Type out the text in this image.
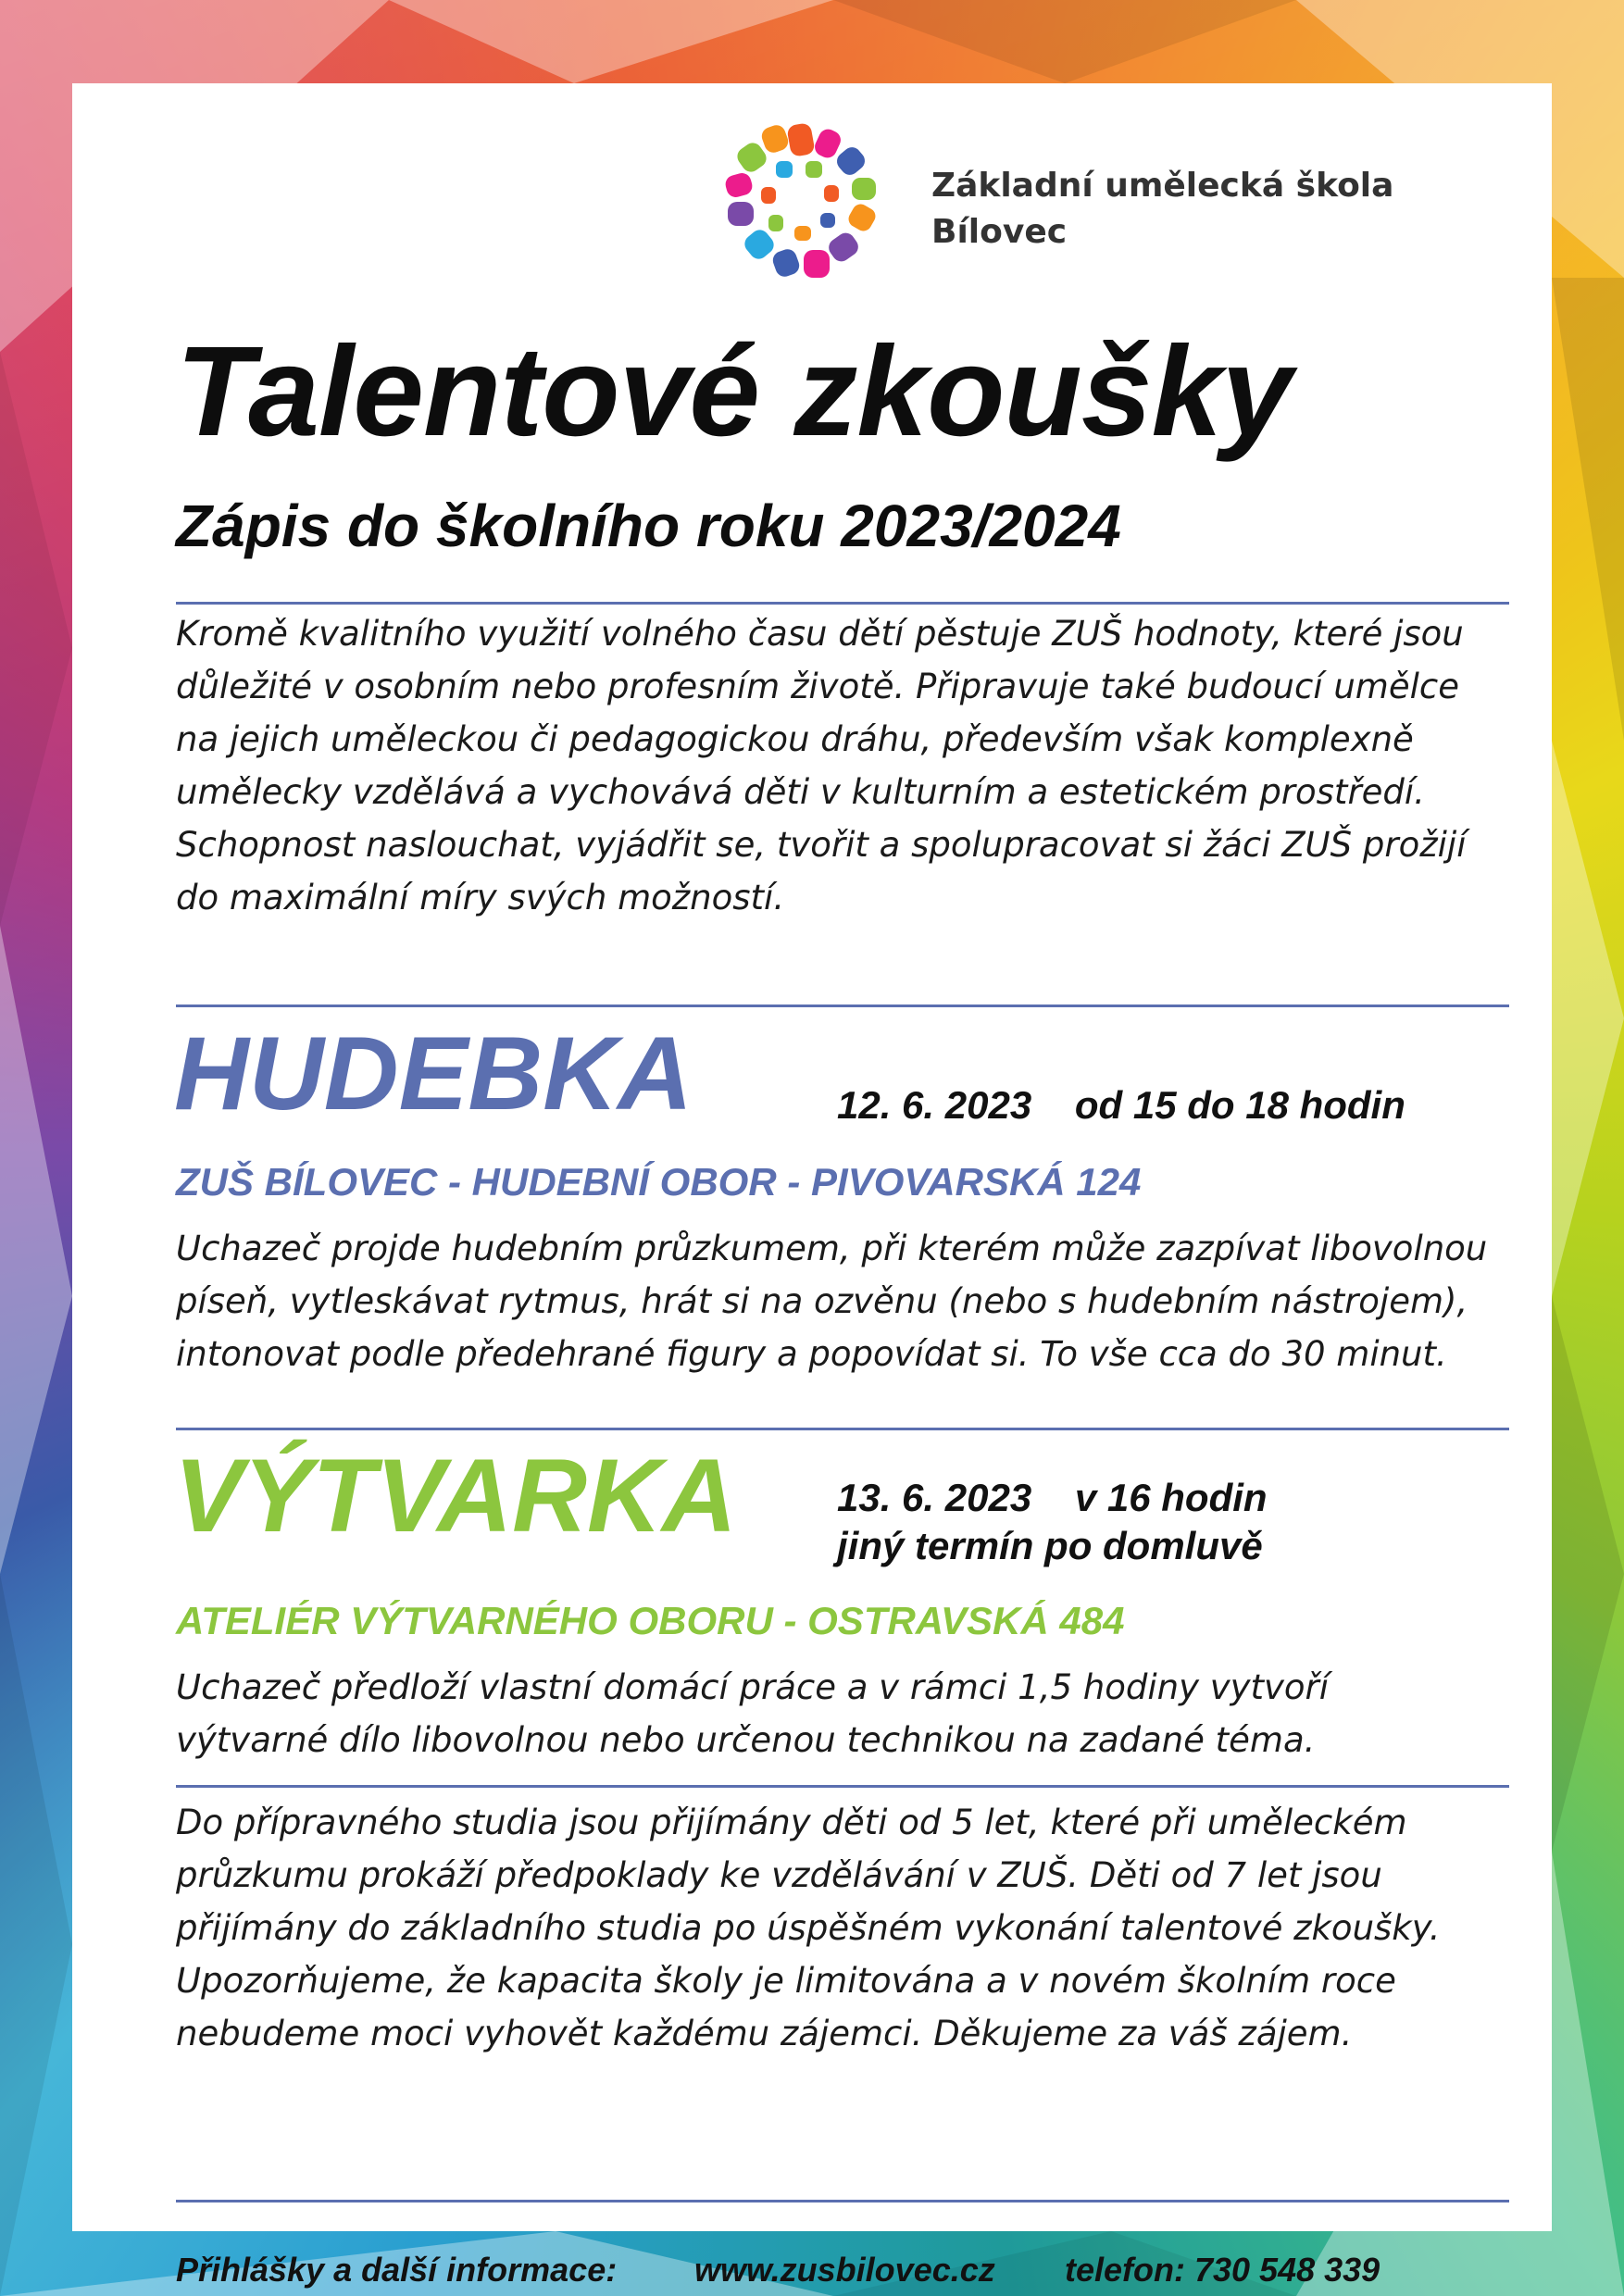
Základní umělecká škola
Bílovec
Talentové zkoušky
Zápis do školního roku 2023/2024
Kromě kvalitního využití volného času dětí pěstuje ZUŠ hodnoty, které jsou
důležité v osobním nebo profesním životě. Připravuje také budoucí umělce
na jejich uměleckou či pedagogickou dráhu, především však komplexně
umělecky vzdělává a vychovává děti v kulturním a estetickém prostředí.
Schopnost naslouchat, vyjádřit se, tvořit a spolupracovat si žáci ZUŠ prožijí
do maximální míry svých možností.
HUDEBKA	12. 6. 2023    od 15 do 18 hodin
ZUŠ BÍLOVEC - HUDEBNÍ OBOR - PIVOVARSKÁ 124
Uchazeč projde hudebním průzkumem, při kterém může zazpívat libovolnou
píseň, vytleskávat rytmus, hrát si na ozvěnu (nebo s hudebním nástrojem),
intonovat podle předehrané figury a popovídat si. To vše cca do 30 minut.
VÝTVARKA	13. 6. 2023    v 16 hodin
jiný termín po domluvě
ATELIÉR VÝTVARNÉHO OBORU - OSTRAVSKÁ 484
Uchazeč předloží vlastní domácí práce a v rámci 1,5 hodiny vytvoří
výtvarné dílo libovolnou nebo určenou technikou na zadané téma.
Do přípravného studia jsou přijímány děti od 5 let, které při uměleckém
průzkumu prokáží předpoklady ke vzdělávání v ZUŠ. Děti od 7 let jsou
přijímány do základního studia po úspěšném vykonání talentové zkoušky.
Upozorňujeme, že kapacita školy je limitována a v novém školním roce
nebudeme moci vyhovět každému zájemci. Děkujeme za váš zájem.
Přihlášky a další informace: www.zusbilovec.cz telefon: 730 548 339
